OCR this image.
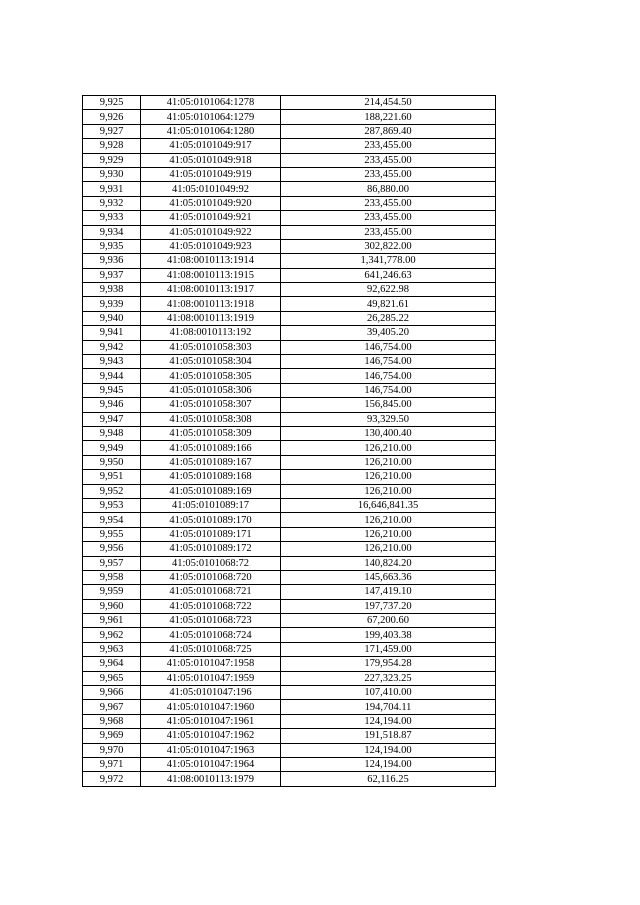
9,925	41:05:0101064:1278	214,454.50
9,926	41:05:0101064:1279	188,221.60
9,927	41:05:0101064:1280	287,869.40
9,928	41:05:0101049:917	233,455.00
9,929	41:05:0101049:918	233,455.00
9,930	41:05:0101049:919	233,455.00
9,931	41:05:0101049:92	86,880.00
9,932	41:05:0101049:920	233,455.00
9,933	41:05:0101049:921	233,455.00
9,934	41:05:0101049:922	233,455.00
9,935	41:05:0101049:923	302,822.00
9,936	41:08:0010113:1914	1,341,778.00
9,937	41:08:0010113:1915	641,246.63
9,938	41:08:0010113:1917	92,622.98
9,939	41:08:0010113:1918	49,821.61
9,940	41:08:0010113:1919	26,285.22
9,941	41:08:0010113:192	39,405.20
9,942	41:05:0101058:303	146,754.00
9,943	41:05:0101058:304	146,754.00
9,944	41:05:0101058:305	146,754.00
9,945	41:05:0101058:306	146,754.00
9,946	41:05:0101058:307	156,845.00
9,947	41:05:0101058:308	93,329.50
9,948	41:05:0101058:309	130,400.40
9,949	41:05:0101089:166	126,210.00
9,950	41:05:0101089:167	126,210.00
9,951	41:05:0101089:168	126,210.00
9,952	41:05:0101089:169	126,210.00
9,953	41:05:0101089:17	16,646,841.35
9,954	41:05:0101089:170	126,210.00
9,955	41:05:0101089:171	126,210.00
9,956	41:05:0101089:172	126,210.00
9,957	41:05:0101068:72	140,824.20
9,958	41:05:0101068:720	145,663.36
9,959	41:05:0101068:721	147,419.10
9,960	41:05:0101068:722	197,737.20
9,961	41:05:0101068:723	67,200.60
9,962	41:05:0101068:724	199,403.38
9,963	41:05:0101068:725	171,459.00
9,964	41:05:0101047:1958	179,954.28
9,965	41:05:0101047:1959	227,323.25
9,966	41:05:0101047:196	107,410.00
9,967	41:05:0101047:1960	194,704.11
9,968	41:05:0101047:1961	124,194.00
9,969	41:05:0101047:1962	191,518.87
9,970	41:05:0101047:1963	124,194.00
9,971	41:05:0101047:1964	124,194.00
9,972	41:08:0010113:1979	62,116.25
